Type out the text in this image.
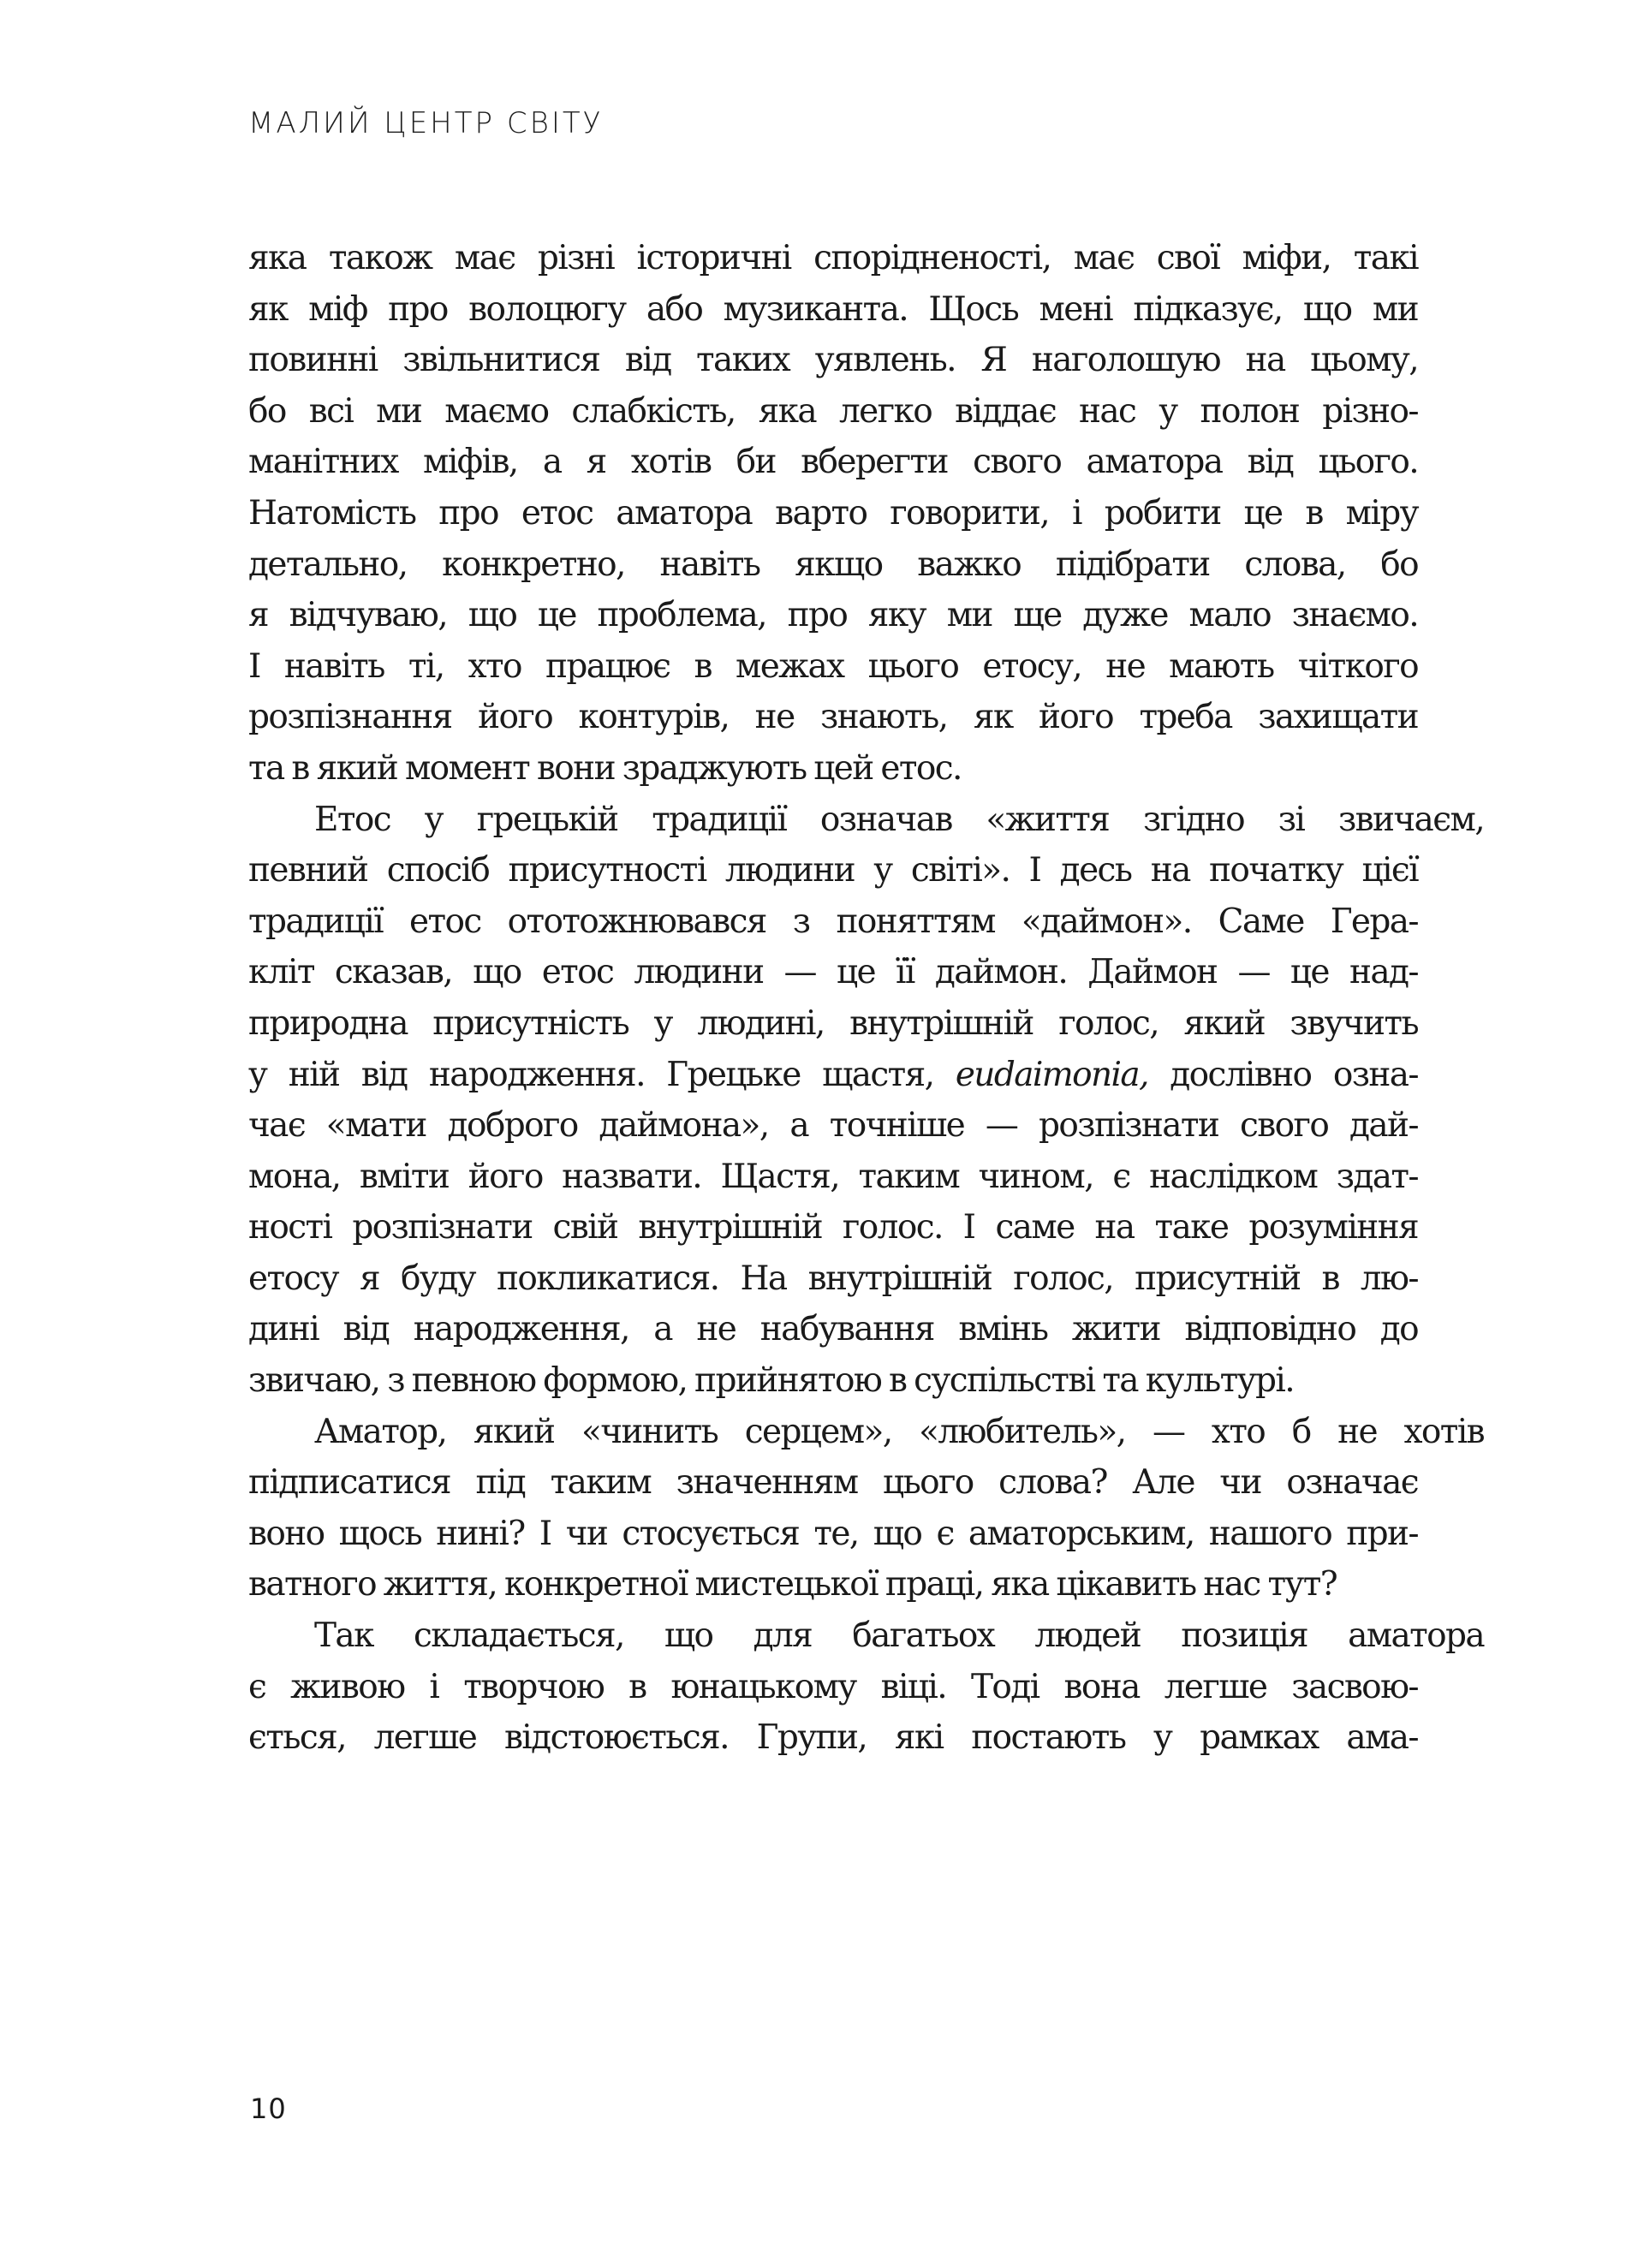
МАЛИЙ ЦЕНТР СВІТУ
яка також має різні історичні спорідненості, має свої міфи, такі
як міф про волоцюгу або музиканта. Щось мені підказує, що ми
повинні звільнитися від таких уявлень. Я наголошую на цьому,
бо всі ми маємо слабкість, яка легко віддає нас у полон різно-
манітних міфів, а я хотів би вберегти свого аматора від цього.
Натомість про етос аматора варто говорити, і робити це в міру
детально, конкретно, навіть якщо важко підібрати слова, бо
я відчуваю, що це проблема, про яку ми ще дуже мало знаємо.
І навіть ті, хто працює в межах цього етосу, не мають чіткого
розпізнання його контурів, не знають, як його треба захищати
та в який момент вони зраджують цей етос.
Етос у грецькій традиції означав «життя згідно зі звичаєм,
певний спосіб присутності людини у світі». І десь на початку цієї
традиції етос ототожнювався з поняттям «даймон». Саме Гера-
кліт сказав, що етос людини — це її даймон. Даймон — це над-
природна присутність у людині, внутрішній голос, який звучить
у ній від народження. Грецьке щастя, eudaimonia, дослівно озна-
чає «мати доброго даймона», а точніше — розпізнати свого дай-
мона, вміти його назвати. Щастя, таким чином, є наслідком здат-
ності розпізнати свій внутрішній голос. І саме на таке розуміння
етосу я буду покликатися. На внутрішній голос, присутній в лю-
дині від народження, а не набування вмінь жити відповідно до
звичаю, з певною формою, прийнятою в суспільстві та культурі.
Аматор, який «чинить серцем», «любитель», — хто б не хотів
підписатися під таким значенням цього слова? Але чи означає
воно щось нині? І чи стосується те, що є аматорським, нашого при-
ватного життя, конкретної мистецької праці, яка цікавить нас тут?
Так складається, що для багатьох людей позиція аматора
є живою і творчою в юнацькому віці. Тоді вона легше засвою-
ється, легше відстоюється. Групи, які постають у рамках ама-
10
